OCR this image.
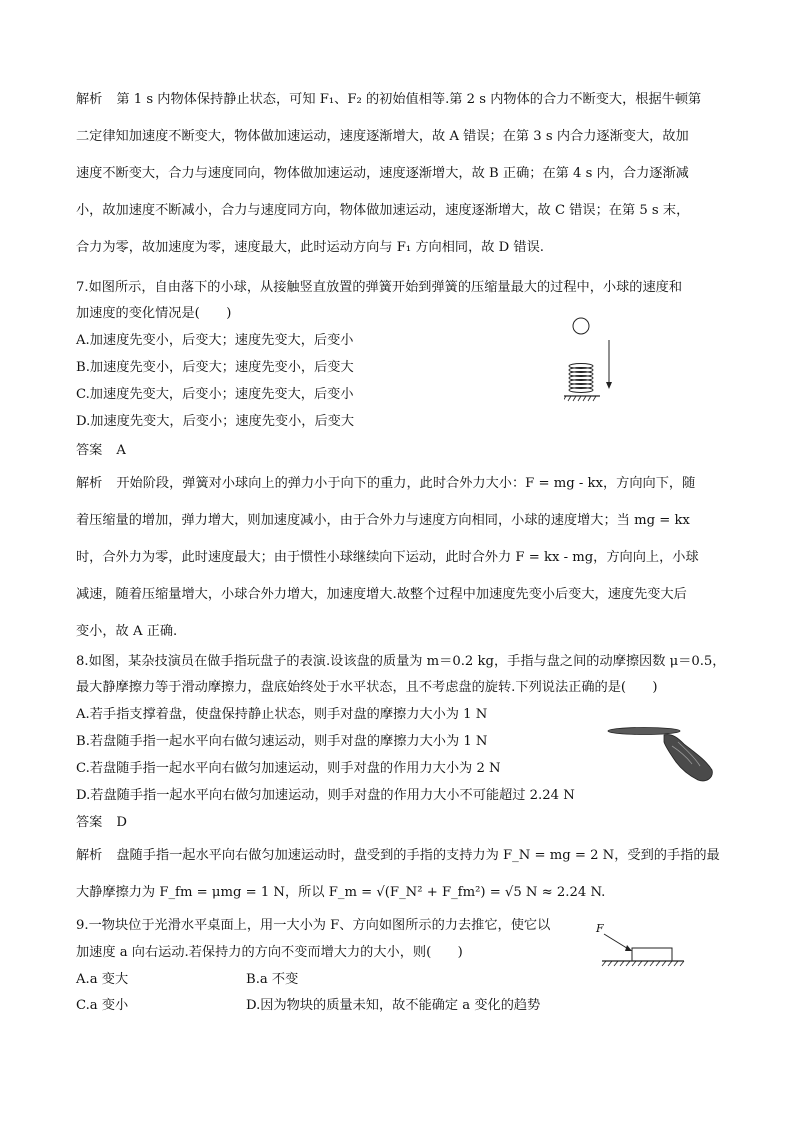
解析 第 1 s 内物体保持静止状态，可知 F₁、F₂ 的初始值相等.第 2 s 内物体的合力不断变大，根据牛顿第
二定律知加速度不断变大，物体做加速运动，速度逐渐增大，故 A 错误；在第 3 s 内合力逐渐变大，故加
速度不断变大，合力与速度同向，物体做加速运动，速度逐渐增大，故 B 正确；在第 4 s 内，合力逐渐减
小，故加速度不断减小，合力与速度同方向，物体做加速运动，速度逐渐增大，故 C 错误；在第 5 s 末，
合力为零，故加速度为零，速度最大，此时运动方向与 F₁ 方向相同，故 D 错误.
7.如图所示，自由落下的小球，从接触竖直放置的弹簧开始到弹簧的压缩量最大的过程中，小球的速度和
加速度的变化情况是(　　)
A.加速度先变小，后变大；速度先变大，后变小
B.加速度先变小，后变大；速度先变小，后变大
C.加速度先变大，后变小；速度先变大，后变小
D.加速度先变大，后变小；速度先变小，后变大
答案 A
解析 开始阶段，弹簧对小球向上的弹力小于向下的重力，此时合外力大小：F = mg - kx，方向向下，随
着压缩量的增加，弹力增大，则加速度减小，由于合外力与速度方向相同，小球的速度增大；当 mg = kx
时，合外力为零，此时速度最大；由于惯性小球继续向下运动，此时合外力 F = kx - mg，方向向上，小球
减速，随着压缩量增大，小球合外力增大，加速度增大.故整个过程中加速度先变小后变大，速度先变大后
变小，故 A 正确.
8.如图，某杂技演员在做手指玩盘子的表演.设该盘的质量为 m＝0.2 kg，手指与盘之间的动摩擦因数 μ＝0.5，
最大静摩擦力等于滑动摩擦力，盘底始终处于水平状态，且不考虑盘的旋转.下列说法正确的是(　　)
A.若手指支撑着盘，使盘保持静止状态，则手对盘的摩擦力大小为 1 N
B.若盘随手指一起水平向右做匀速运动，则手对盘的摩擦力大小为 1 N
C.若盘随手指一起水平向右做匀加速运动，则手对盘的作用力大小为 2 N
D.若盘随手指一起水平向右做匀加速运动，则手对盘的作用力大小不可能超过 2.24 N
答案 D
解析 盘随手指一起水平向右做匀加速运动时，盘受到的手指的支持力为 F_N = mg = 2 N，受到的手指的最
大静摩擦力为 F_fm = μmg = 1 N，所以 F_m = √(F_N² + F_fm²) = √5 N ≈ 2.24 N.
9.一物块位于光滑水平桌面上，用一大小为 F、方向如图所示的力去推它，使它以
加速度 a 向右运动.若保持力的方向不变而增大力的大小，则(　　)
A.a 变大	B.a 不变
C.a 变小	D.因为物块的质量未知，故不能确定 a 变化的趋势
F
